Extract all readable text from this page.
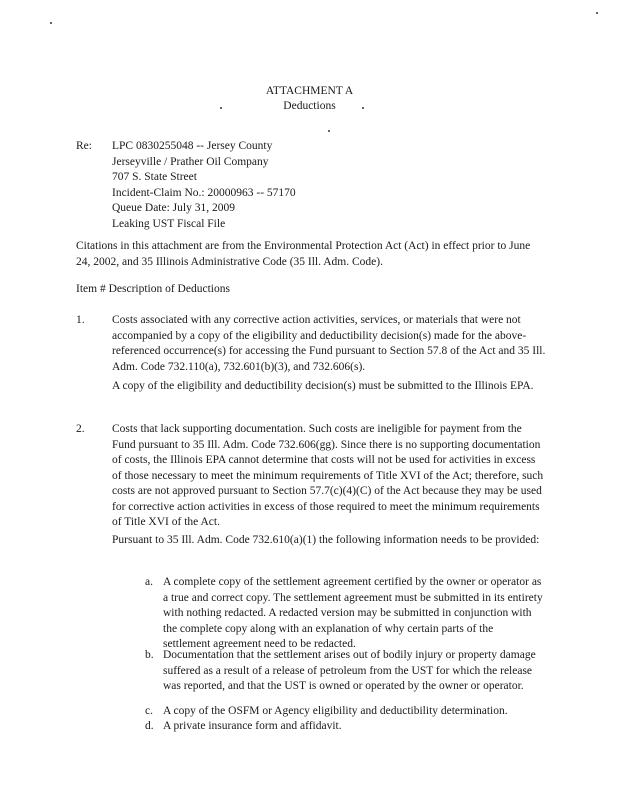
ATTACHMENT A
Deductions
Re: LPC 0830255048 -- Jersey County
Jerseyville / Prather Oil Company
707 S. State Street
Incident-Claim No.: 20000963 -- 57170
Queue Date: July 31, 2009
Leaking UST Fiscal File
Citations in this attachment are from the Environmental Protection Act (Act) in effect prior to June 24, 2002, and 35 Illinois Administrative Code (35 Ill. Adm. Code).
Item # Description of Deductions
1. Costs associated with any corrective action activities, services, or materials that were not accompanied by a copy of the eligibility and deductibility decision(s) made for the above-referenced occurrence(s) for accessing the Fund pursuant to Section 57.8 of the Act and 35 Ill. Adm. Code 732.110(a), 732.601(b)(3), and 732.606(s).
A copy of the eligibility and deductibility decision(s) must be submitted to the Illinois EPA.
2. Costs that lack supporting documentation. Such costs are ineligible for payment from the Fund pursuant to 35 Ill. Adm. Code 732.606(gg). Since there is no supporting documentation of costs, the Illinois EPA cannot determine that costs will not be used for activities in excess of those necessary to meet the minimum requirements of Title XVI of the Act; therefore, such costs are not approved pursuant to Section 57.7(c)(4)(C) of the Act because they may be used for corrective action activities in excess of those required to meet the minimum requirements of Title XVI of the Act.
Pursuant to 35 Ill. Adm. Code 732.610(a)(1) the following information needs to be provided:
a. A complete copy of the settlement agreement certified by the owner or operator as a true and correct copy. The settlement agreement must be submitted in its entirety with nothing redacted. A redacted version may be submitted in conjunction with the complete copy along with an explanation of why certain parts of the settlement agreement need to be redacted.
b. Documentation that the settlement arises out of bodily injury or property damage suffered as a result of a release of petroleum from the UST for which the release was reported, and that the UST is owned or operated by the owner or operator.
c. A copy of the OSFM or Agency eligibility and deductibility determination.
d. A private insurance form and affidavit.
